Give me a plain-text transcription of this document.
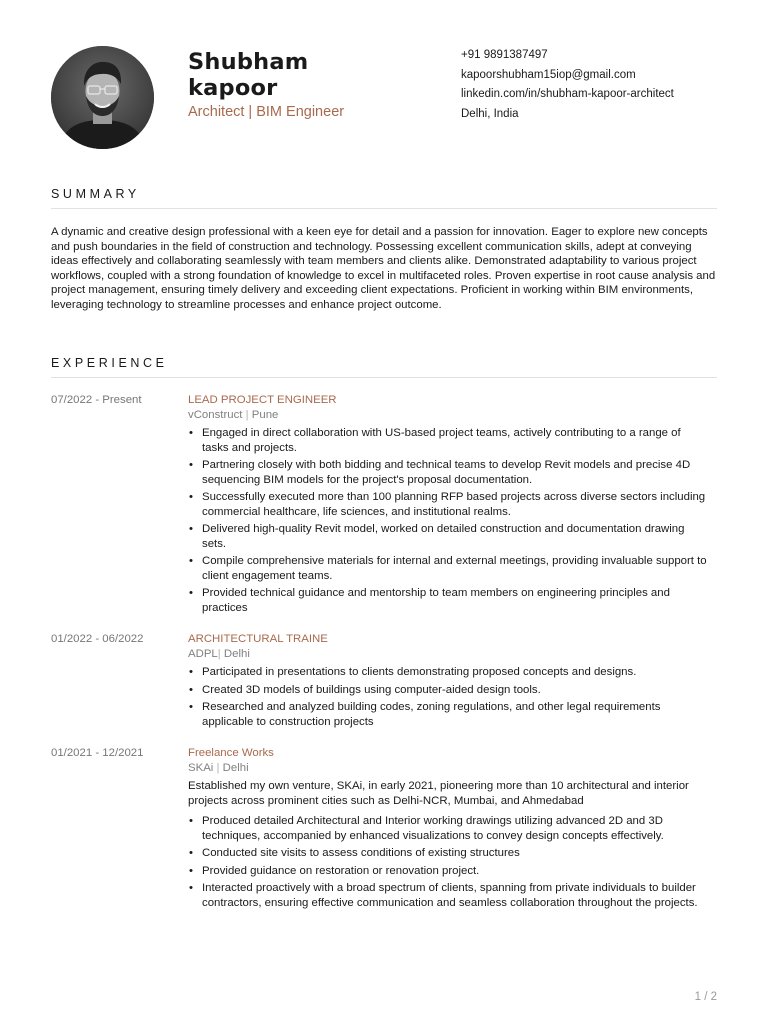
Shubham
kapoor
Architect | BIM Engineer
+91 9891387497
kapoorshubham15iop@gmail.com
linkedin.com/in/shubham-kapoor-architect
Delhi, India
SUMMARY
A dynamic and creative design professional with a keen eye for detail and a passion for innovation. Eager to explore new concepts and push boundaries in the field of construction and technology. Possessing excellent communication skills, adept at conveying ideas effectively and collaborating seamlessly with team members and clients alike. Demonstrated adaptability to various project workflows, coupled with a strong foundation of knowledge to excel in multifaceted roles. Proven expertise in root cause analysis and project management, ensuring timely delivery and exceeding client expectations. Proficient in working within BIM environments, leveraging technology to streamline processes and enhance project outcome.
EXPERIENCE
07/2022 - Present	LEAD PROJECT ENGINEER
vConstruct | Pune
• Engaged in direct collaboration with US-based project teams, actively contributing to a range of tasks and projects.
• Partnering closely with both bidding and technical teams to develop Revit models and precise 4D sequencing BIM models for the project's proposal documentation.
• Successfully executed more than 100 planning RFP based projects across diverse sectors including commercial healthcare, life sciences, and institutional realms.
• Delivered high-quality Revit model, worked on detailed construction and documentation drawing sets.
• Compile comprehensive materials for internal and external meetings, providing invaluable support to client engagement teams.
• Provided technical guidance and mentorship to team members on engineering principles and practices
01/2022 - 06/2022	ARCHITECTURAL TRAINE
ADPL| Delhi
• Participated in presentations to clients demonstrating proposed concepts and designs.
• Created 3D models of buildings using computer-aided design tools.
• Researched and analyzed building codes, zoning regulations, and other legal requirements applicable to construction projects
01/2021 - 12/2021	Freelance Works
SKAi | Delhi
Established my own venture, SKAi, in early 2021, pioneering more than 10 architectural and interior projects across prominent cities such as Delhi-NCR, Mumbai, and Ahmedabad
• Produced detailed Architectural and Interior working drawings utilizing advanced 2D and 3D techniques, accompanied by enhanced visualizations to convey design concepts effectively.
• Conducted site visits to assess conditions of existing structures
• Provided guidance on restoration or renovation project.
• Interacted proactively with a broad spectrum of clients, spanning from private individuals to builder contractors, ensuring effective communication and seamless collaboration throughout the projects.
1 / 2
